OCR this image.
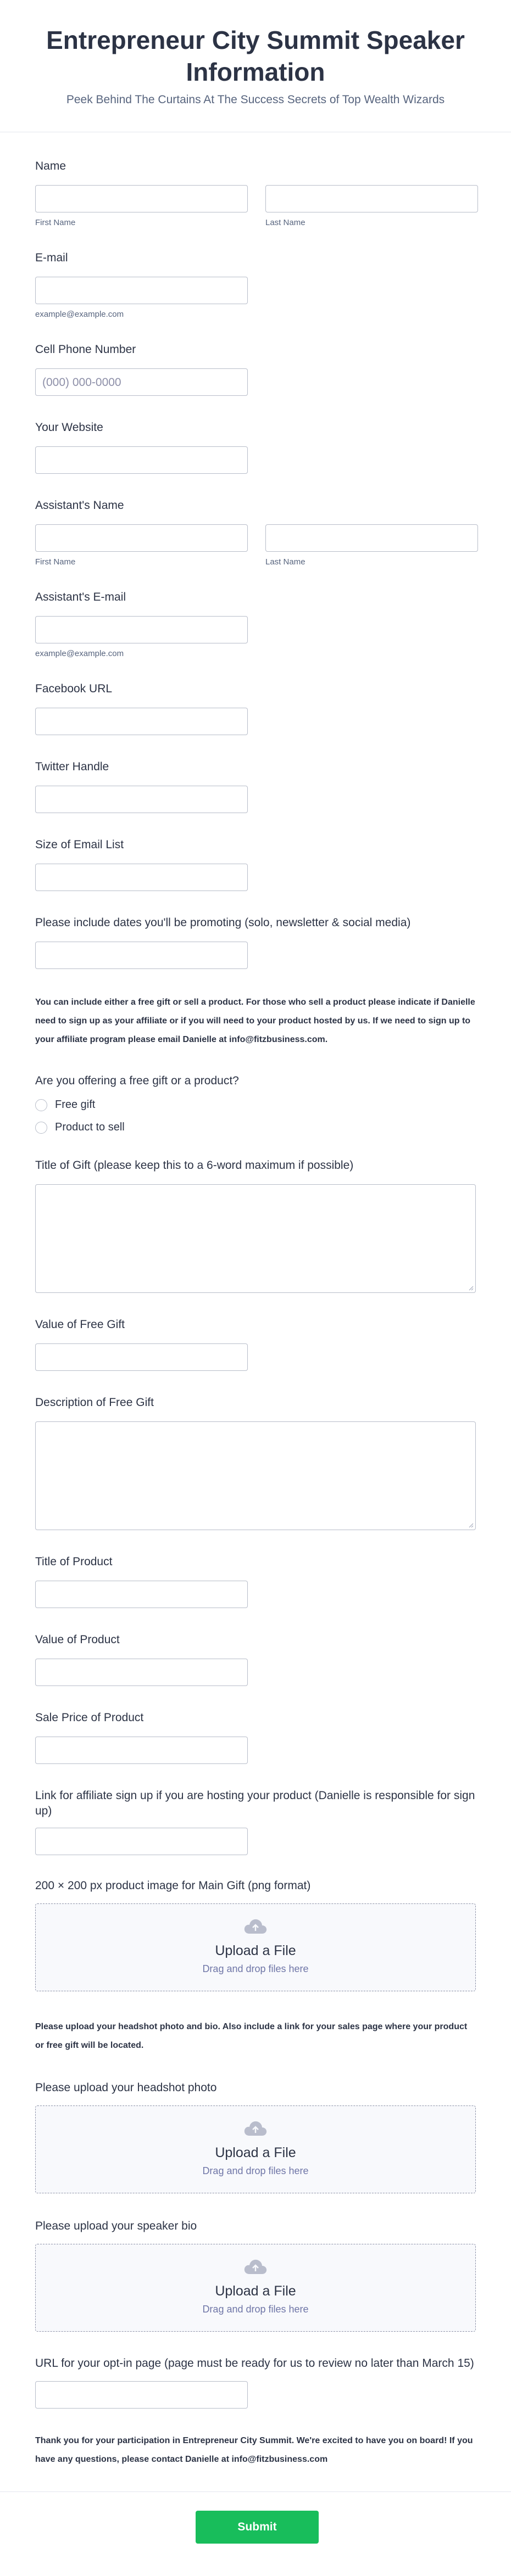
Entrepreneur City Summit Speaker Information
Peek Behind The Curtains At The Success Secrets of Top Wealth Wizards
Name
First Name	Last Name
E-mail
example@example.com
Cell Phone Number
(000) 000-0000
Your Website
Assistant's Name
First Name	Last Name
Assistant's E-mail
example@example.com
Facebook URL
Twitter Handle
Size of Email List
Please include dates you'll be promoting (solo, newsletter & social media)
You can include either a free gift or sell a product. For those who sell a product please indicate if Danielle need to sign up as your affiliate or if you will need to your product hosted by us. If we need to sign up to your affiliate program please email Danielle at info@fitzbusiness.com.
Are you offering a free gift or a product?
Free gift
Product to sell
Title of Gift (please keep this to a 6-word maximum if possible)
Value of Free Gift
Description of Free Gift
Title of Product
Value of Product
Sale Price of Product
Link for affiliate sign up if you are hosting your product (Danielle is responsible for sign up)
200 × 200 px product image for Main Gift (png format)
Upload a File
Drag and drop files here
Please upload your headshot photo and bio. Also include a link for your sales page where your product or free gift will be located.
Please upload your headshot photo
Upload a File
Drag and drop files here
Please upload your speaker bio
Upload a File
Drag and drop files here
URL for your opt-in page (page must be ready for us to review no later than March 15)
Thank you for your participation in Entrepreneur City Summit. We're excited to have you on board! If you have any questions, please contact Danielle at info@fitzbusiness.com
Submit
